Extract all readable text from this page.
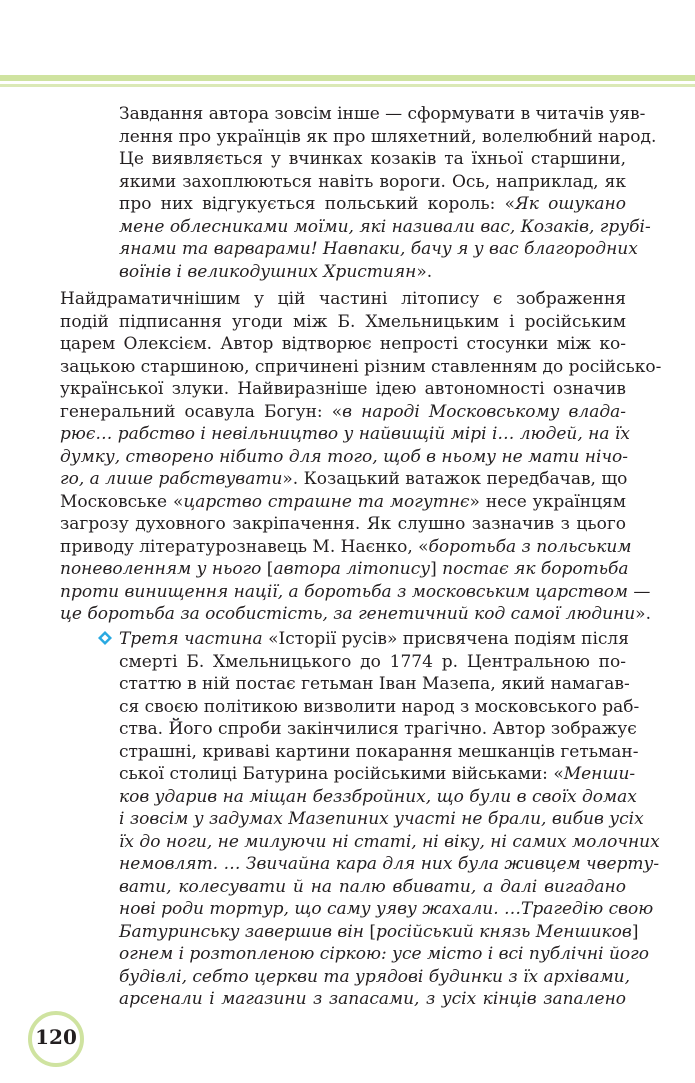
Завдання автора зовсім інше — сформувати в читачів уяв-
лення про українців як про шляхетний, волелюбний народ.
Це виявляється у вчинках козаків та їхньої старшини,
якими захоплюються навіть вороги. Ось, наприклад, як
про них відгукується польський король: «Як ошукано
мене облесниками моїми, які називали вас, Козаків, грубі-
янами та варварами! Навпаки, бачу я у вас благородних
воїнів і великодушних Християн».
Найдраматичнішим у цій частині літопису є зображення
подій підписання угоди між Б. Хмельницьким і російським
царем Олексієм. Автор відтворює непрості стосунки між ко-
зацькою старшиною, спричинені різним ставленням до російсько-
української злуки. Найвиразніше ідею автономності означив
генеральний осавула Богун: «в народі Московському влада-
рює… рабство і невільництво у найвищій мірі і… людей, на їх
думку, створено нібито для того, щоб в ньому не мати нічо-
го, а лише рабствувати». Козацький ватажок передбачав, що
Московське «царство страшне та могутнє» несе українцям
загрозу духовного закріпачення. Як слушно зазначив з цього
приводу літературознавець М. Наєнко, «боротьба з польським
поневоленням у нього [автора літопису] постає як боротьба
проти винищення нації, а боротьба з московським царством —
це боротьба за особистість, за генетичний код самої людини».
Третя частина «Історії русів» присвячена подіям після
смерті Б. Хмельницького до 1774 р. Центральною по-
статтю в ній постає гетьман Іван Мазепа, який намагав-
ся своєю політикою визволити народ з московського раб-
ства. Його спроби закінчилися трагічно. Автор зображує
страшні, криваві картини покарання мешканців гетьман-
ської столиці Батурина російськими військами: «Менши-
ков ударив на міщан беззбройних, що були в своїх домах
і зовсім у задумах Мазепиних участі не брали, вибив усіх
їх до ноги, не милуючи ні статі, ні віку, ні самих молочних
немовлят. … Звичайна кара для них була живцем чверту-
вати, колесувати й на палю вбивати, а далі вигадано
нові роди тортур, що саму уяву жахали. …Трагедію свою
Батуринську завершив він [російський князь Меншиков]
огнем і розтопленою сіркою: усе місто і всі публічні його
будівлі, себто церкви та урядові будинки з їх архівами,
арсенали і магазини з запасами, з усіх кінців запалено
120
